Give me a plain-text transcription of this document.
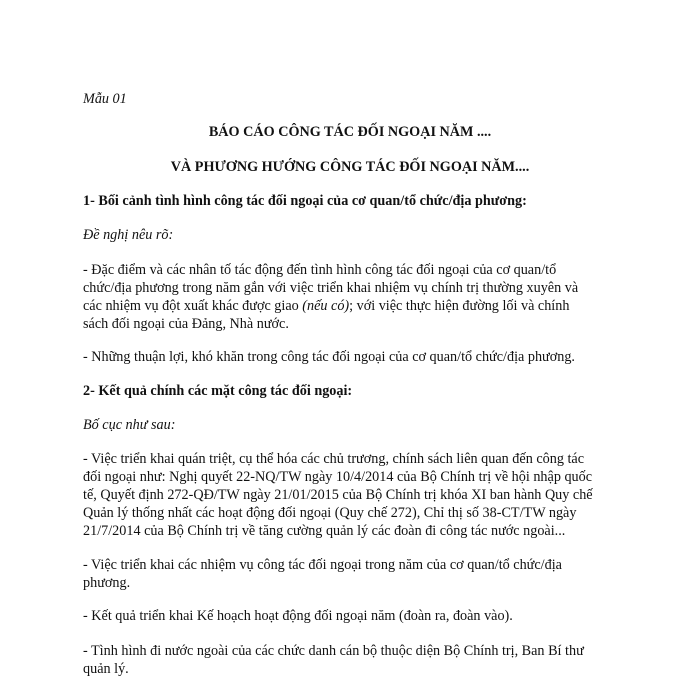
Mẫu 01
BÁO CÁO CÔNG TÁC ĐỐI NGOẠI NĂM ....
VÀ PHƯƠNG HƯỚNG CÔNG TÁC ĐỐI NGOẠI NĂM....
1- Bối cảnh tình hình công tác đối ngoại của cơ quan/tổ chức/địa phương:
Đề nghị nêu rõ:
- Đặc điểm và các nhân tố tác động đến tình hình công tác đối ngoại của cơ quan/tổ
chức/địa phương trong năm gắn với việc triển khai nhiệm vụ chính trị thường xuyên và
các nhiệm vụ đột xuất khác được giao (nếu có); với việc thực hiện đường lối và chính
sách đối ngoại của Đảng, Nhà nước.
- Những thuận lợi, khó khăn trong công tác đối ngoại của cơ quan/tổ chức/địa phương.
2- Kết quả chính các mặt công tác đối ngoại:
Bố cục như sau:
- Việc triển khai quán triệt, cụ thể hóa các chủ trương, chính sách liên quan đến công tác
đối ngoại như: Nghị quyết 22-NQ/TW ngày 10/4/2014 của Bộ Chính trị về hội nhập quốc
tế, Quyết định 272-QĐ/TW ngày 21/01/2015 của Bộ Chính trị khóa XI ban hành Quy chế
Quản lý thống nhất các hoạt động đối ngoại (Quy chế 272), Chỉ thị số 38-CT/TW ngày
21/7/2014 của Bộ Chính trị về tăng cường quản lý các đoàn đi công tác nước ngoài...
- Việc triển khai các nhiệm vụ công tác đối ngoại trong năm của cơ quan/tổ chức/địa
phương.
- Kết quả triển khai Kế hoạch hoạt động đối ngoại năm (đoàn ra, đoàn vào).
- Tình hình đi nước ngoài của các chức danh cán bộ thuộc diện Bộ Chính trị, Ban Bí thư
quản lý.
